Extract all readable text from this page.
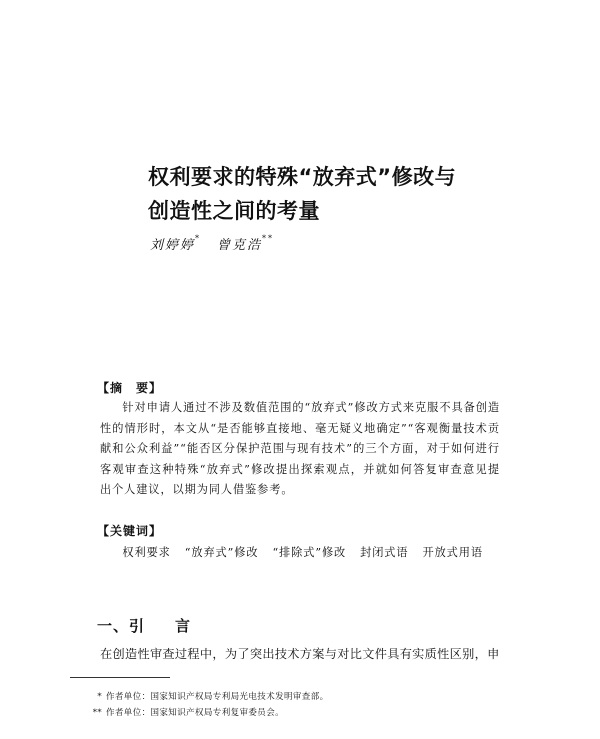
权利要求的特殊“放弃式”修改与
创造性之间的考量
刘婷婷* 曾克浩**
【摘　要】
针对申请人通过不涉及数值范围的“放弃式”修改方式来克服不具备创造性的情形时，本文从“是否能够直接地、毫无疑义地确定”“客观衡量技术贡献和公众利益”“能否区分保护范围与现有技术”的三个方面，对于如何进行客观审查这种特殊“放弃式”修改提出探索观点，并就如何答复审查意见提出个人建议，以期为同人借鉴参考。
【关键词】
权利要求 “放弃式”修改 “排除式”修改 封闭式语 开放式用语
一、引 言
在创造性审查过程中，为了突出技术方案与对比文件具有实质性区别，申
* 作者单位：国家知识产权局专利局光电技术发明审查部。
** 作者单位：国家知识产权局专利复审委员会。
